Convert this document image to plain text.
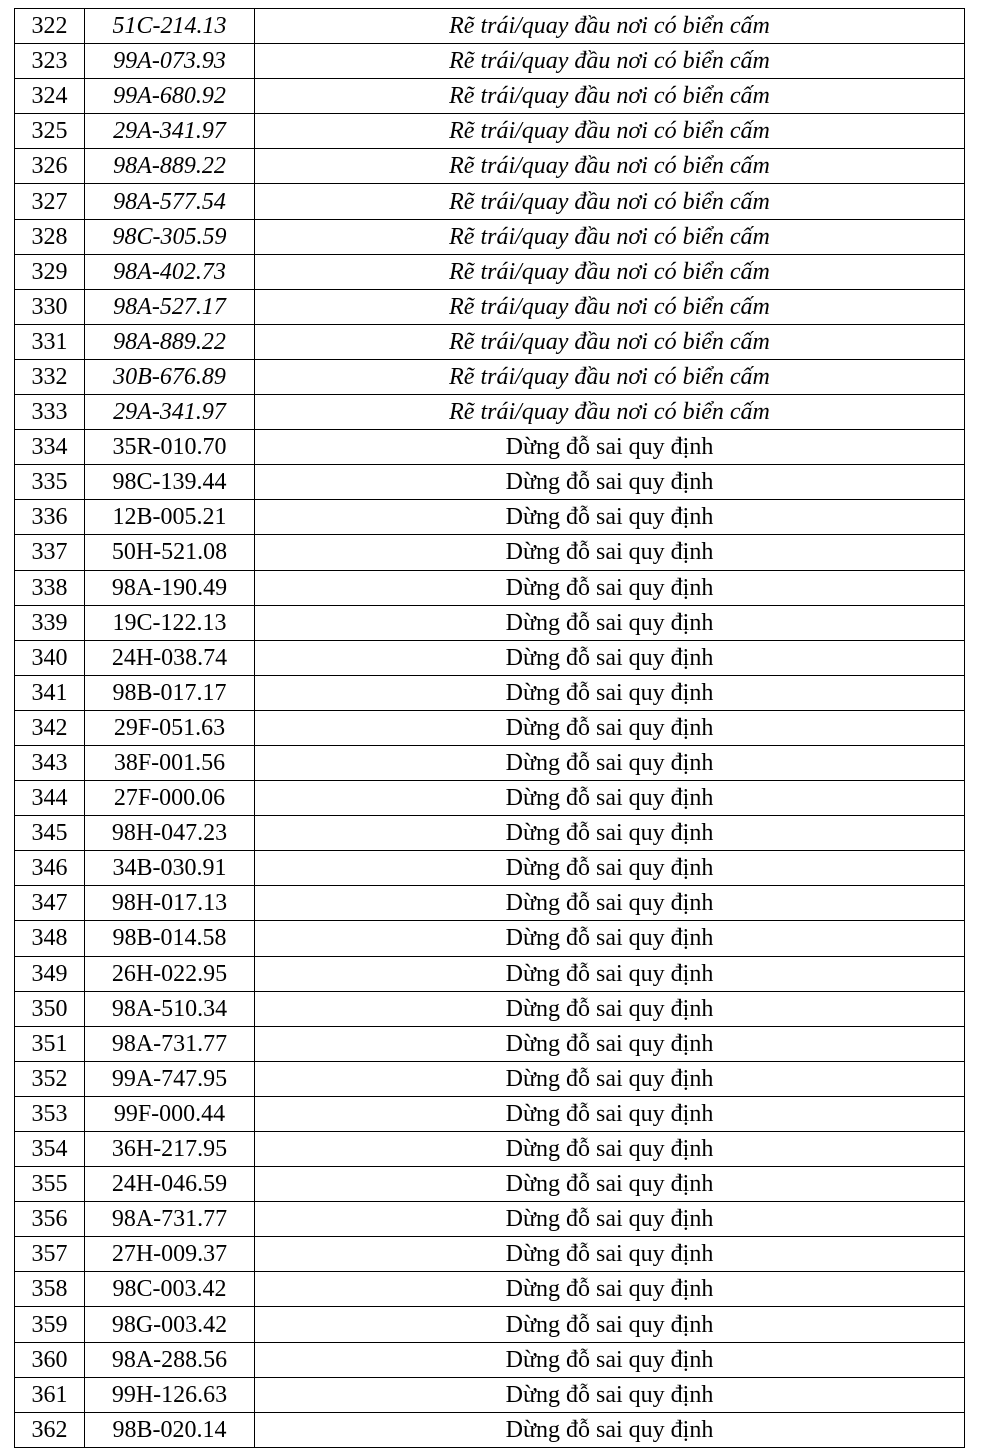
322	51C-214.13	Rẽ trái/quay đầu nơi có biển cấm
323	99A-073.93	Rẽ trái/quay đầu nơi có biển cấm
324	99A-680.92	Rẽ trái/quay đầu nơi có biển cấm
325	29A-341.97	Rẽ trái/quay đầu nơi có biển cấm
326	98A-889.22	Rẽ trái/quay đầu nơi có biển cấm
327	98A-577.54	Rẽ trái/quay đầu nơi có biển cấm
328	98C-305.59	Rẽ trái/quay đầu nơi có biển cấm
329	98A-402.73	Rẽ trái/quay đầu nơi có biển cấm
330	98A-527.17	Rẽ trái/quay đầu nơi có biển cấm
331	98A-889.22	Rẽ trái/quay đầu nơi có biển cấm
332	30B-676.89	Rẽ trái/quay đầu nơi có biển cấm
333	29A-341.97	Rẽ trái/quay đầu nơi có biển cấm
334	35R-010.70	Dừng đỗ sai quy định
335	98C-139.44	Dừng đỗ sai quy định
336	12B-005.21	Dừng đỗ sai quy định
337	50H-521.08	Dừng đỗ sai quy định
338	98A-190.49	Dừng đỗ sai quy định
339	19C-122.13	Dừng đỗ sai quy định
340	24H-038.74	Dừng đỗ sai quy định
341	98B-017.17	Dừng đỗ sai quy định
342	29F-051.63	Dừng đỗ sai quy định
343	38F-001.56	Dừng đỗ sai quy định
344	27F-000.06	Dừng đỗ sai quy định
345	98H-047.23	Dừng đỗ sai quy định
346	34B-030.91	Dừng đỗ sai quy định
347	98H-017.13	Dừng đỗ sai quy định
348	98B-014.58	Dừng đỗ sai quy định
349	26H-022.95	Dừng đỗ sai quy định
350	98A-510.34	Dừng đỗ sai quy định
351	98A-731.77	Dừng đỗ sai quy định
352	99A-747.95	Dừng đỗ sai quy định
353	99F-000.44	Dừng đỗ sai quy định
354	36H-217.95	Dừng đỗ sai quy định
355	24H-046.59	Dừng đỗ sai quy định
356	98A-731.77	Dừng đỗ sai quy định
357	27H-009.37	Dừng đỗ sai quy định
358	98C-003.42	Dừng đỗ sai quy định
359	98G-003.42	Dừng đỗ sai quy định
360	98A-288.56	Dừng đỗ sai quy định
361	99H-126.63	Dừng đỗ sai quy định
362	98B-020.14	Dừng đỗ sai quy định
